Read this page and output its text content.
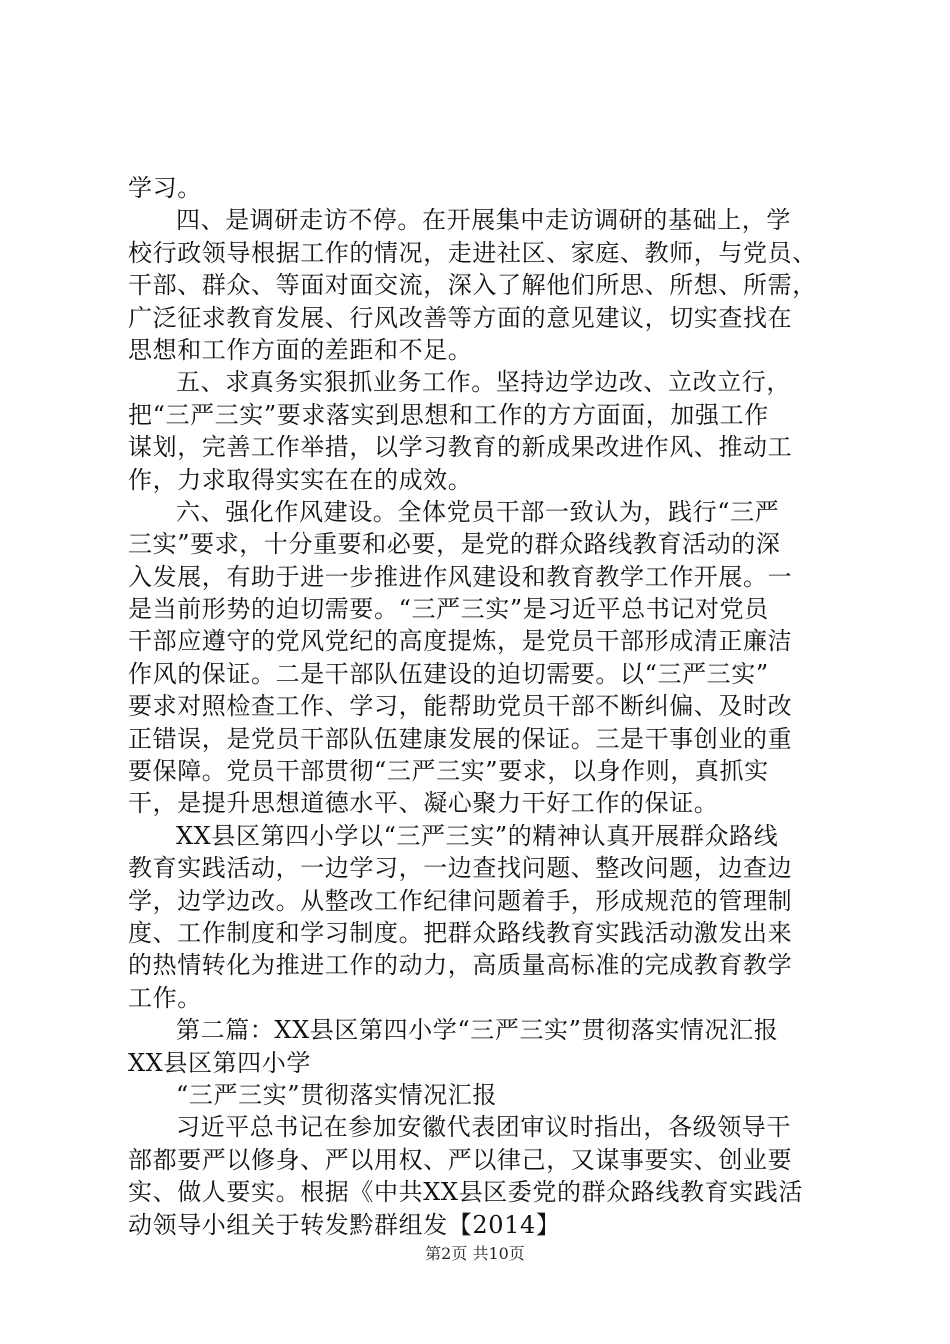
学习。
四、是调研走访不停。在开展集中走访调研的基础上，学
校行政领导根据工作的情况，走进社区、家庭、教师，与党员、
干部、群众、等面对面交流，深入了解他们所思、所想、所需，
广泛征求教育发展、行风改善等方面的意见建议，切实查找在
思想和工作方面的差距和不足。
五、求真务实狠抓业务工作。坚持边学边改、立改立行，
把“三严三实”要求落实到思想和工作的方方面面，加强工作
谋划，完善工作举措，以学习教育的新成果改进作风、推动工
作，力求取得实实在在的成效。
六、强化作风建设。全体党员干部一致认为，践行“三严
三实”要求，十分重要和必要，是党的群众路线教育活动的深
入发展，有助于进一步推进作风建设和教育教学工作开展。一
是当前形势的迫切需要。“三严三实”是习近平总书记对党员
干部应遵守的党风党纪的高度提炼，是党员干部形成清正廉洁
作风的保证。二是干部队伍建设的迫切需要。以“三严三实”
要求对照检查工作、学习，能帮助党员干部不断纠偏、及时改
正错误，是党员干部队伍建康发展的保证。三是干事创业的重
要保障。党员干部贯彻“三严三实”要求，以身作则，真抓实
干，是提升思想道德水平、凝心聚力干好工作的保证。
XX县区第四小学以“三严三实”的精神认真开展群众路线
教育实践活动，一边学习，一边查找问题、整改问题，边查边
学，边学边改。从整改工作纪律问题着手，形成规范的管理制
度、工作制度和学习制度。把群众路线教育实践活动激发出来
的热情转化为推进工作的动力，高质量高标准的完成教育教学
工作。
第二篇：XX县区第四小学“三严三实”贯彻落实情况汇报
XX县区第四小学
“三严三实”贯彻落实情况汇报
习近平总书记在参加安徽代表团审议时指出，各级领导干
部都要严以修身、严以用权、严以律己，又谋事要实、创业要
实、做人要实。根据《中共XX县区委党的群众路线教育实践活
动领导小组关于转发黔群组发【2014】
第2页 共10页
